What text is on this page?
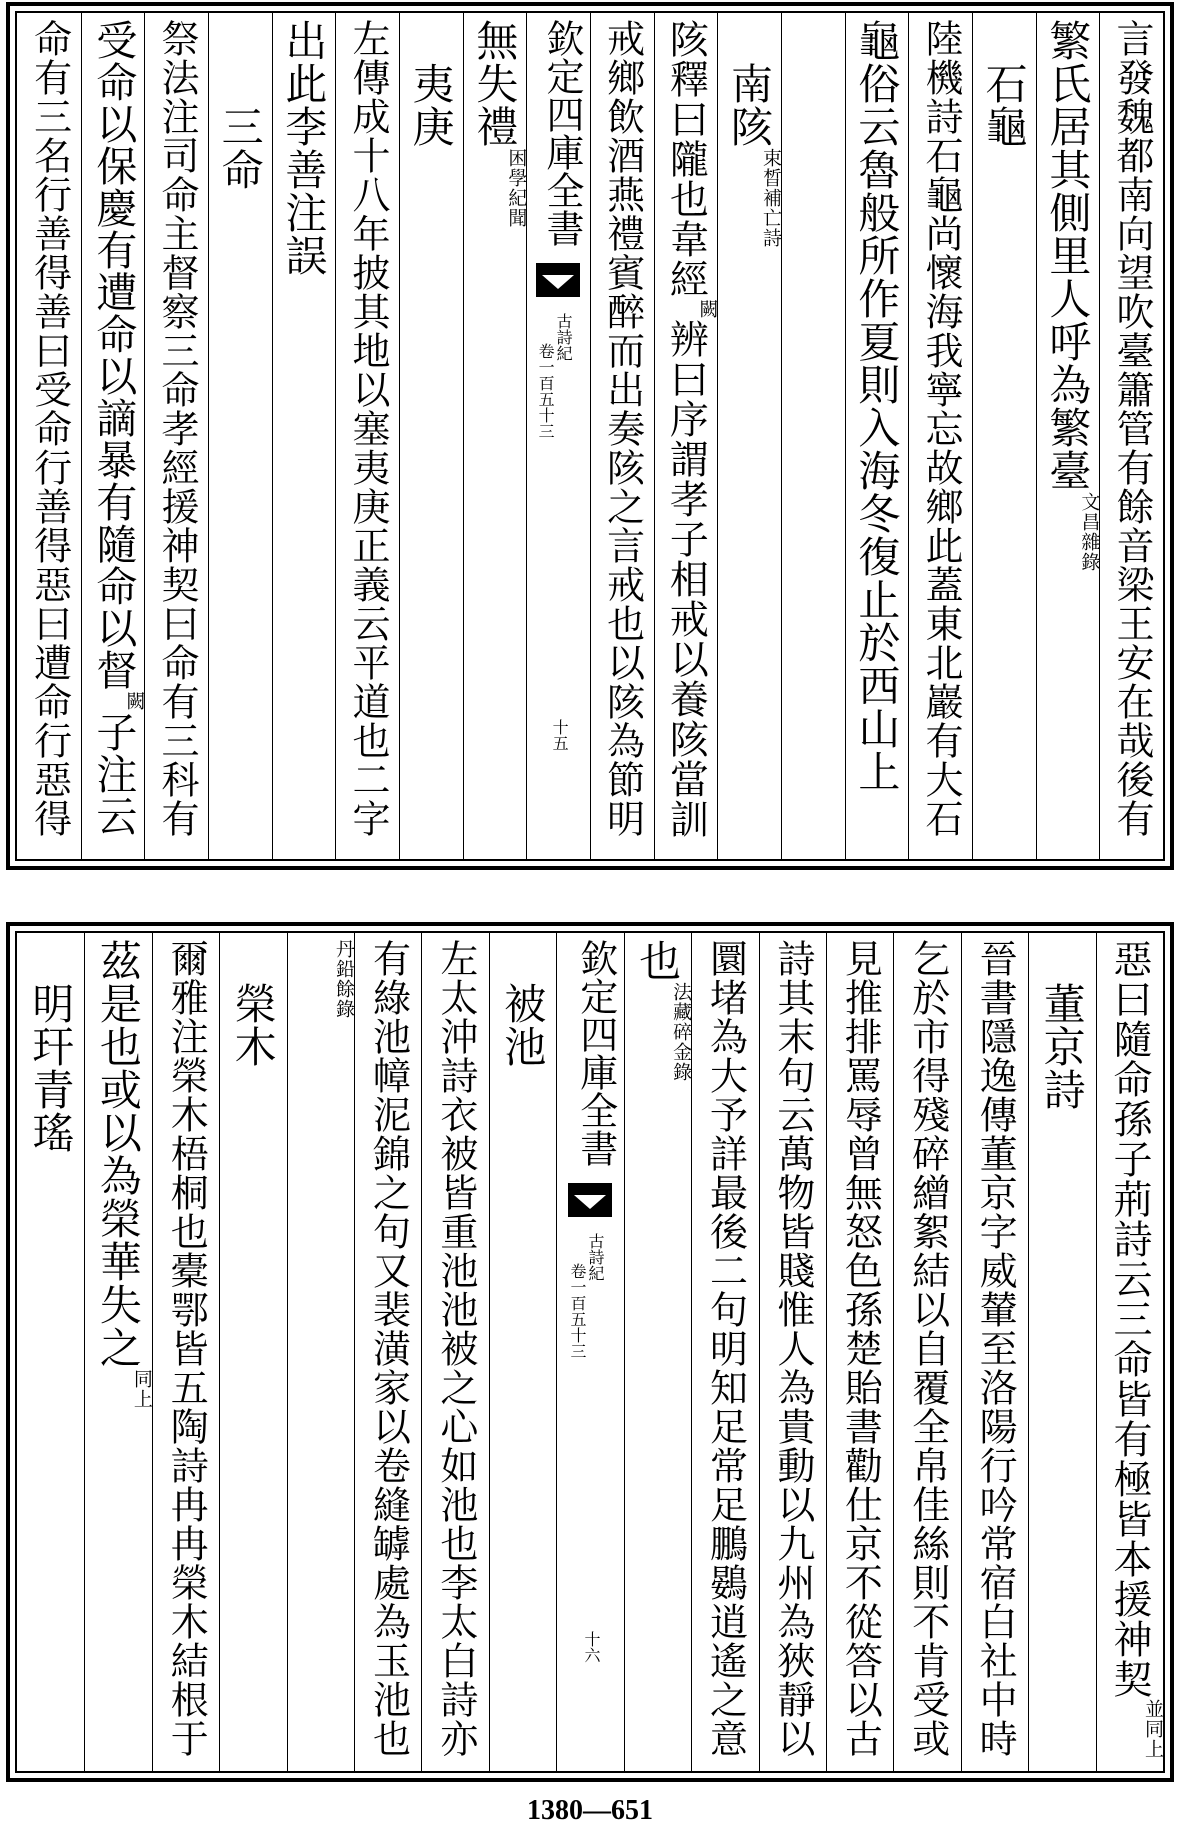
言發魏都南向望吹臺簫管有餘音梁王安在哉後有
繁氏居其側里人呼為繁臺文昌雜錄
　石龜
陸機詩石龜尚懷海我寧忘故鄉此蓋東北巖有大石
龜俗云魯般所作夏則入海冬復止於西山上
　南陔束晳補亡詩
陔釋曰隴也韋經闕辨曰序謂孝子相戒以養陔當訓
戒鄉飲酒燕禮賓醉而出奏陔之言戒也以陔為節明
欽定四庫全書
古詩紀
卷一百五十三
十五
無失禮困學紀聞
　夷庚
左傳成十八年披其地以塞夷庚正義云平道也二字
出此李善注誤
　　三命
祭法注司命主督察三命孝經援神契曰命有三科有
受命以保慶有遭命以謫暴有隨命以督闕子注云
命有三名行善得善曰受命行善得惡曰遭命行惡得
惡曰隨命孫子荊詩云三命皆有極皆本援神契並同上
　董京詩
晉書隱逸傳董京字威輦至洛陽行吟常宿白社中時
乞於市得殘碎繒絮結以自覆全帛佳絲則不肯受或
見推排罵辱曾無怒色孫楚貽書勸仕京不從答以古
詩其末句云萬物皆賤惟人為貴動以九州為狹靜以
圜堵為大予詳最後二句明知足常足鵬鷃逍遙之意
也法藏碎金錄
欽定四庫全書
古詩紀
卷一百五十三
十六
　被池
左太沖詩衣被皆重池池被之心如池也李太白詩亦
有綠池幛泥錦之句又裴潢家以卷縫罅處為玉池也
丹鉛餘錄
　榮木
爾雅注榮木梧桐也橐鄂皆五陶詩冉冉榮木結根于
茲是也或以為榮華失之同上
　明玕青瑤
1380—651
